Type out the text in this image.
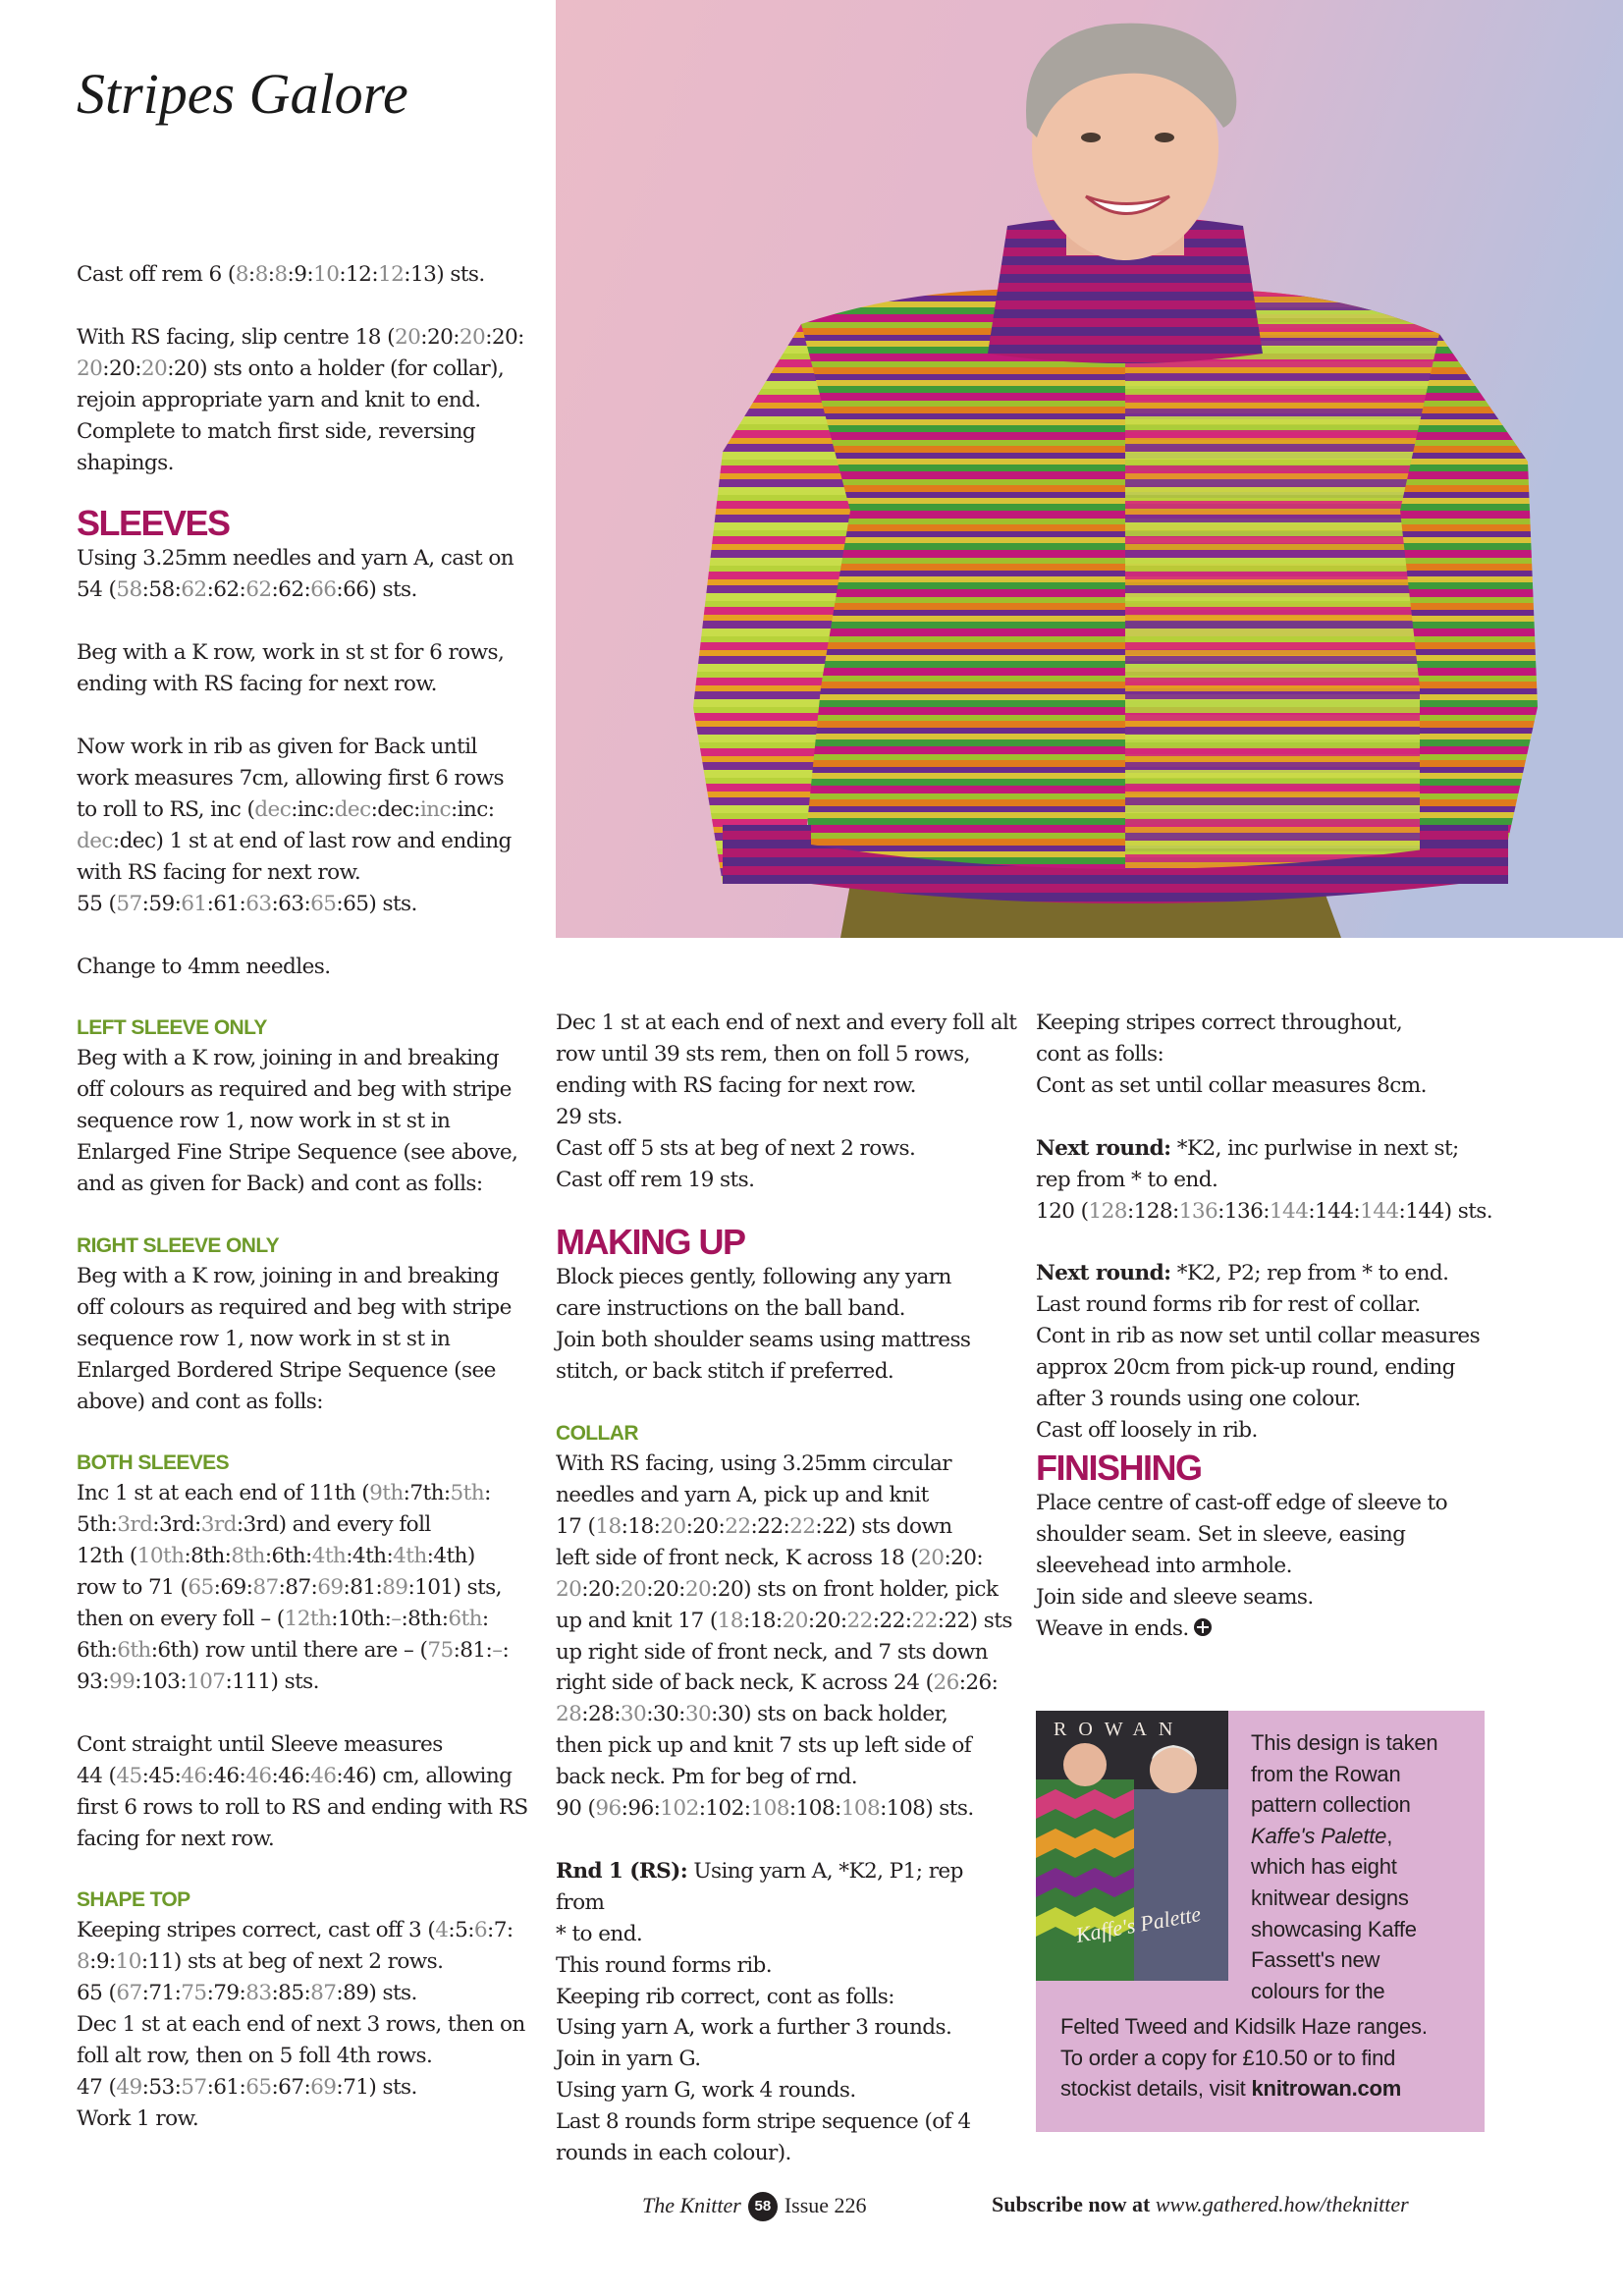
Stripes Galore

Cast off rem 6 (8:8:8:9:10:12:12:13) sts.

With RS facing, slip centre 18 (20:20:20:20:
20:20:20:20) sts onto a holder (for collar),
rejoin appropriate yarn and knit to end.
Complete to match first side, reversing
shapings.

SLEEVES

Using 3.25mm needles and yarn A, cast on
54 (58:58:62:62:62:62:66:66) sts.

Beg with a K row, work in st st for 6 rows,
ending with RS facing for next row.

Now work in rib as given for Back until
work measures 7cm, allowing first 6 rows
to roll to RS, inc (dec:inc:dec:dec:inc:inc:
dec:dec) 1 st at end of last row and ending
with RS facing for next row.
55 (57:59:61:61:63:63:65:65) sts.

Change to 4mm needles.

LEFT SLEEVE ONLY

Beg with a K row, joining in and breaking
off colours as required and beg with stripe
sequence row 1, now work in st st in
Enlarged Fine Stripe Sequence (see above,
and as given for Back) and cont as folls:

RIGHT SLEEVE ONLY

Beg with a K row, joining in and breaking
off colours as required and beg with stripe
sequence row 1, now work in st st in
Enlarged Bordered Stripe Sequence (see
above) and cont as folls:

BOTH SLEEVES

Inc 1 st at each end of 11th (9th:7th:5th:
5th:3rd:3rd:3rd:3rd) and every foll
12th (10th:8th:8th:6th:4th:4th:4th:4th)
row to 71 (65:69:87:87:69:81:89:101) sts,
then on every foll – (12th:10th:–:8th:6th:
6th:6th:6th) row until there are – (75:81:–:
93:99:103:107:111) sts.

Cont straight until Sleeve measures
44 (45:45:46:46:46:46:46:46) cm, allowing
first 6 rows to roll to RS and ending with RS
facing for next row.

SHAPE TOP

Keeping stripes correct, cast off 3 (4:5:6:7:
8:9:10:11) sts at beg of next 2 rows.
65 (67:71:75:79:83:85:87:89) sts.
Dec 1 st at each end of next 3 rows, then on
foll alt row, then on 5 foll 4th rows.
47 (49:53:57:61:65:67:69:71) sts.
Work 1 row.

Dec 1 st at each end of next and every foll alt
row until 39 sts rem, then on foll 5 rows,
ending with RS facing for next row.
29 sts.
Cast off 5 sts at beg of next 2 rows.
Cast off rem 19 sts.

MAKING UP

Block pieces gently, following any yarn
care instructions on the ball band.
Join both shoulder seams using mattress
stitch, or back stitch if preferred.

COLLAR

With RS facing, using 3.25mm circular
needles and yarn A, pick up and knit
17 (18:18:20:20:22:22:22:22) sts down
left side of front neck, K across 18 (20:20:
20:20:20:20:20:20) sts on front holder, pick
up and knit 17 (18:18:20:20:22:22:22:22) sts
up right side of front neck, and 7 sts down
right side of back neck, K across 24 (26:26:
28:28:30:30:30:30) sts on back holder,
then pick up and knit 7 sts up left side of
back neck. Pm for beg of rnd.
90 (96:96:102:102:108:108:108:108) sts.

Rnd 1 (RS): Using yarn A, *K2, P1; rep from
* to end.
This round forms rib.
Keeping rib correct, cont as folls:
Using yarn A, work a further 3 rounds.
Join in yarn G.
Using yarn G, work 4 rounds.
Last 8 rounds form stripe sequence (of 4
rounds in each colour).

Keeping stripes correct throughout,
cont as folls:
Cont as set until collar measures 8cm.

Next round: *K2, inc purlwise in next st;
rep from * to end.
120 (128:128:136:136:144:144:144:144) sts.

Next round: *K2, P2; rep from * to end.
Last round forms rib for rest of collar.
Cont in rib as now set until collar measures
approx 20cm from pick-up round, ending
after 3 rounds using one colour.
Cast off loosely in rib.

FINISHING

Place centre of cast-off edge of sleeve to
shoulder seam. Set in sleeve, easing
sleevehead into armhole.
Join side and sleeve seams.
Weave in ends.

ROWAN
Kaffe's Palette
This design is taken
from the Rowan
pattern collection
Kaffe's Palette,
which has eight
knitwear designs
showcasing Kaffe
Fassett's new
colours for the
Felted Tweed and Kidsilk Haze ranges.
To order a copy for £10.50 or to find
stockist details, visit knitrowan.com
The Knitter 58 Issue 226	Subscribe now at www.gathered.how/theknitter
